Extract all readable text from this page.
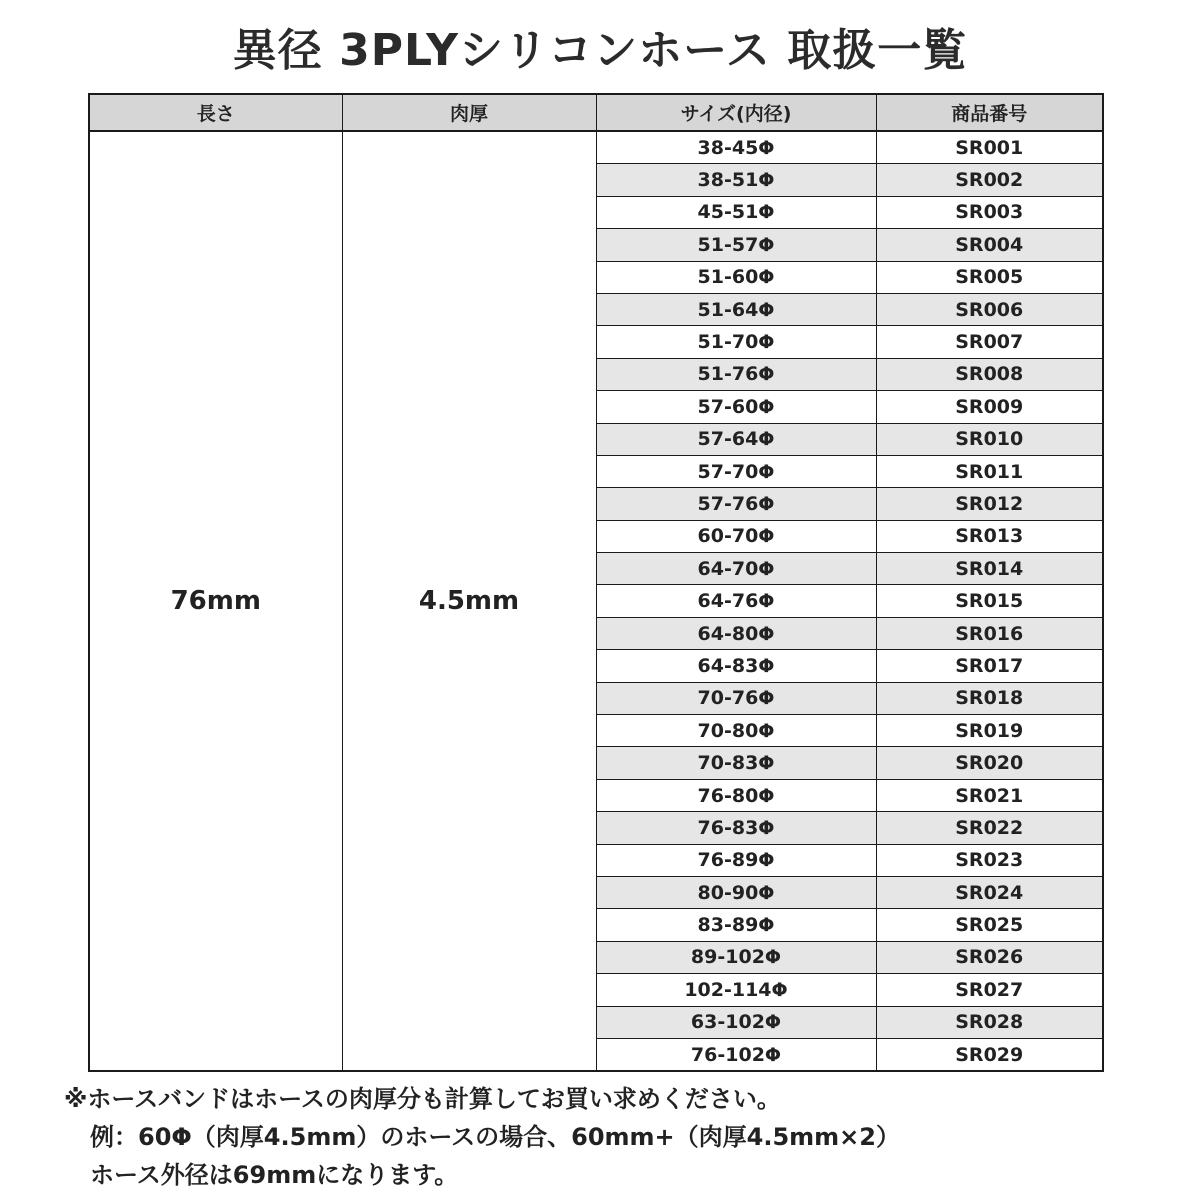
異径 3PLYシリコンホース 取扱一覧
長さ	肉厚	サイズ(内径)	商品番号
76mm	4.5mm	38-45Φ	SR001
		38-51Φ	SR002
		45-51Φ	SR003
		51-57Φ	SR004
		51-60Φ	SR005
		51-64Φ	SR006
		51-70Φ	SR007
		51-76Φ	SR008
		57-60Φ	SR009
		57-64Φ	SR010
		57-70Φ	SR011
		57-76Φ	SR012
		60-70Φ	SR013
		64-70Φ	SR014
		64-76Φ	SR015
		64-80Φ	SR016
		64-83Φ	SR017
		70-76Φ	SR018
		70-80Φ	SR019
		70-83Φ	SR020
		76-80Φ	SR021
		76-83Φ	SR022
		76-89Φ	SR023
		80-90Φ	SR024
		83-89Φ	SR025
		89-102Φ	SR026
		102-114Φ	SR027
		63-102Φ	SR028
		76-102Φ	SR029
※ホースバンドはホースの肉厚分も計算してお買い求めください。
例：60Φ（肉厚4.5mm）のホースの場合、60mm+（肉厚4.5mm×2）
ホース外径は69mmになります。
